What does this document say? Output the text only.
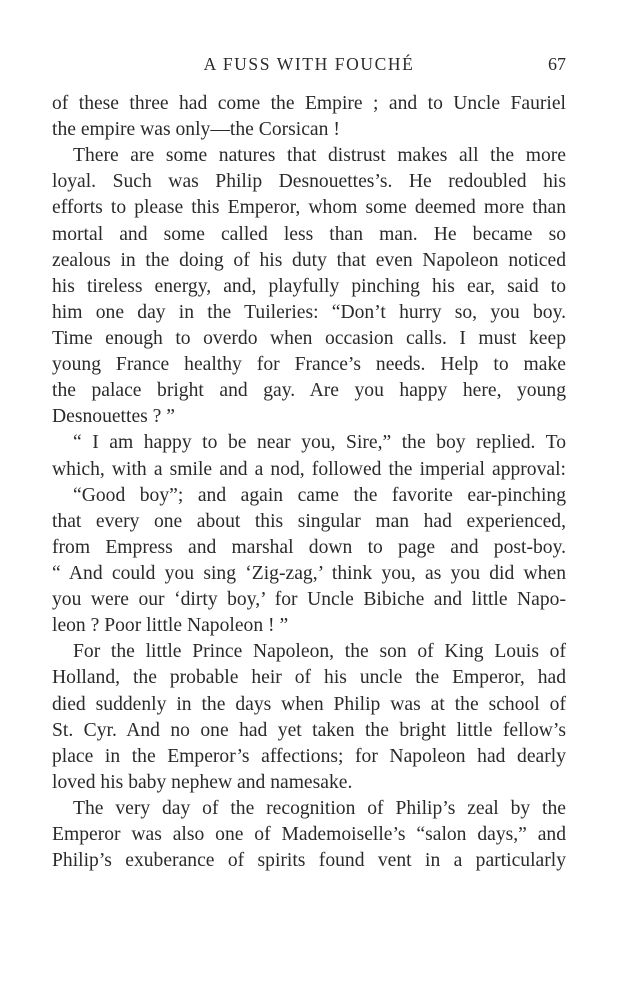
A FUSS WITH FOUCHÉ	67
of these three had come the Empire ; and to Uncle Fauriel
the empire was only—the Corsican !
There are some natures that distrust makes all the more
loyal. Such was Philip Desnouettes’s. He redoubled his
efforts to please this Emperor, whom some deemed more than
mortal and some called less than man. He became so
zealous in the doing of his duty that even Napoleon noticed
his tireless energy, and, playfully pinching his ear, said to
him one day in the Tuileries: “Don’t hurry so, you boy.
Time enough to overdo when occasion calls. I must keep
young France healthy for France’s needs. Help to make
the palace bright and gay. Are you happy here, young
Desnouettes ? ”
“ I am happy to be near you, Sire,” the boy replied. To
which, with a smile and a nod, followed the imperial approval:
“Good boy”; and again came the favorite ear-pinching
that every one about this singular man had experienced,
from Empress and marshal down to page and post-boy.
“ And could you sing ‘Zig-zag,’ think you, as you did when
you were our ‘dirty boy,’ for Uncle Bibiche and little Napo-
leon ? Poor little Napoleon ! ”
For the little Prince Napoleon, the son of King Louis of
Holland, the probable heir of his uncle the Emperor, had
died suddenly in the days when Philip was at the school of
St. Cyr. And no one had yet taken the bright little fellow’s
place in the Emperor’s affections; for Napoleon had dearly
loved his baby nephew and namesake.
The very day of the recognition of Philip’s zeal by the
Emperor was also one of Mademoiselle’s “salon days,” and
Philip’s exuberance of spirits found vent in a particularly
